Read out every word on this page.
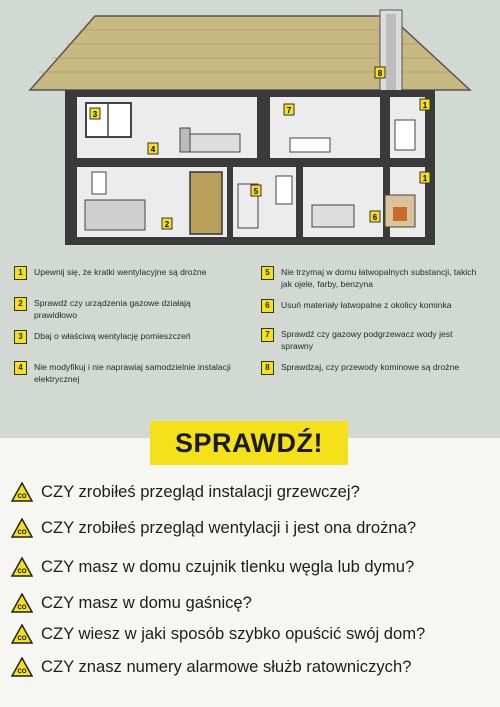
1
1
2
3
4
5
6
7
8
1	Upewnij się, że kratki wentylacyjne są drożne
2	Sprawdź czy urządzenia gazowe działają prawidłowo
3	Dbaj o właściwą wentylację pomieszczeń
4	Nie modyfikuj i nie naprawiaj samodzielnie instalacji elektrycznej
5	Nie trzymaj w domu łatwopalnych substancji, takich jak ojele, farby, benzyna
6	Usuń materiały łatwopalne z okolicy kominka
7	Sprawdź czy gazowy podgrzewacz wody jest sprawny
8	Sprawdzaj, czy przewody kominowe są drożne
SPRAWDŹ!
CO CZY zrobiłeś przegląd instalacji grzewczej?
CO CZY zrobiłeś przegląd wentylacji i jest ona drożna?
CO CZY masz w domu czujnik tlenku węgla lub dymu?
CO CZY masz w domu gaśnicę?
CO CZY wiesz w jaki sposób szybko opuścić swój dom?
CO CZY znasz numery alarmowe służb ratowniczych?
